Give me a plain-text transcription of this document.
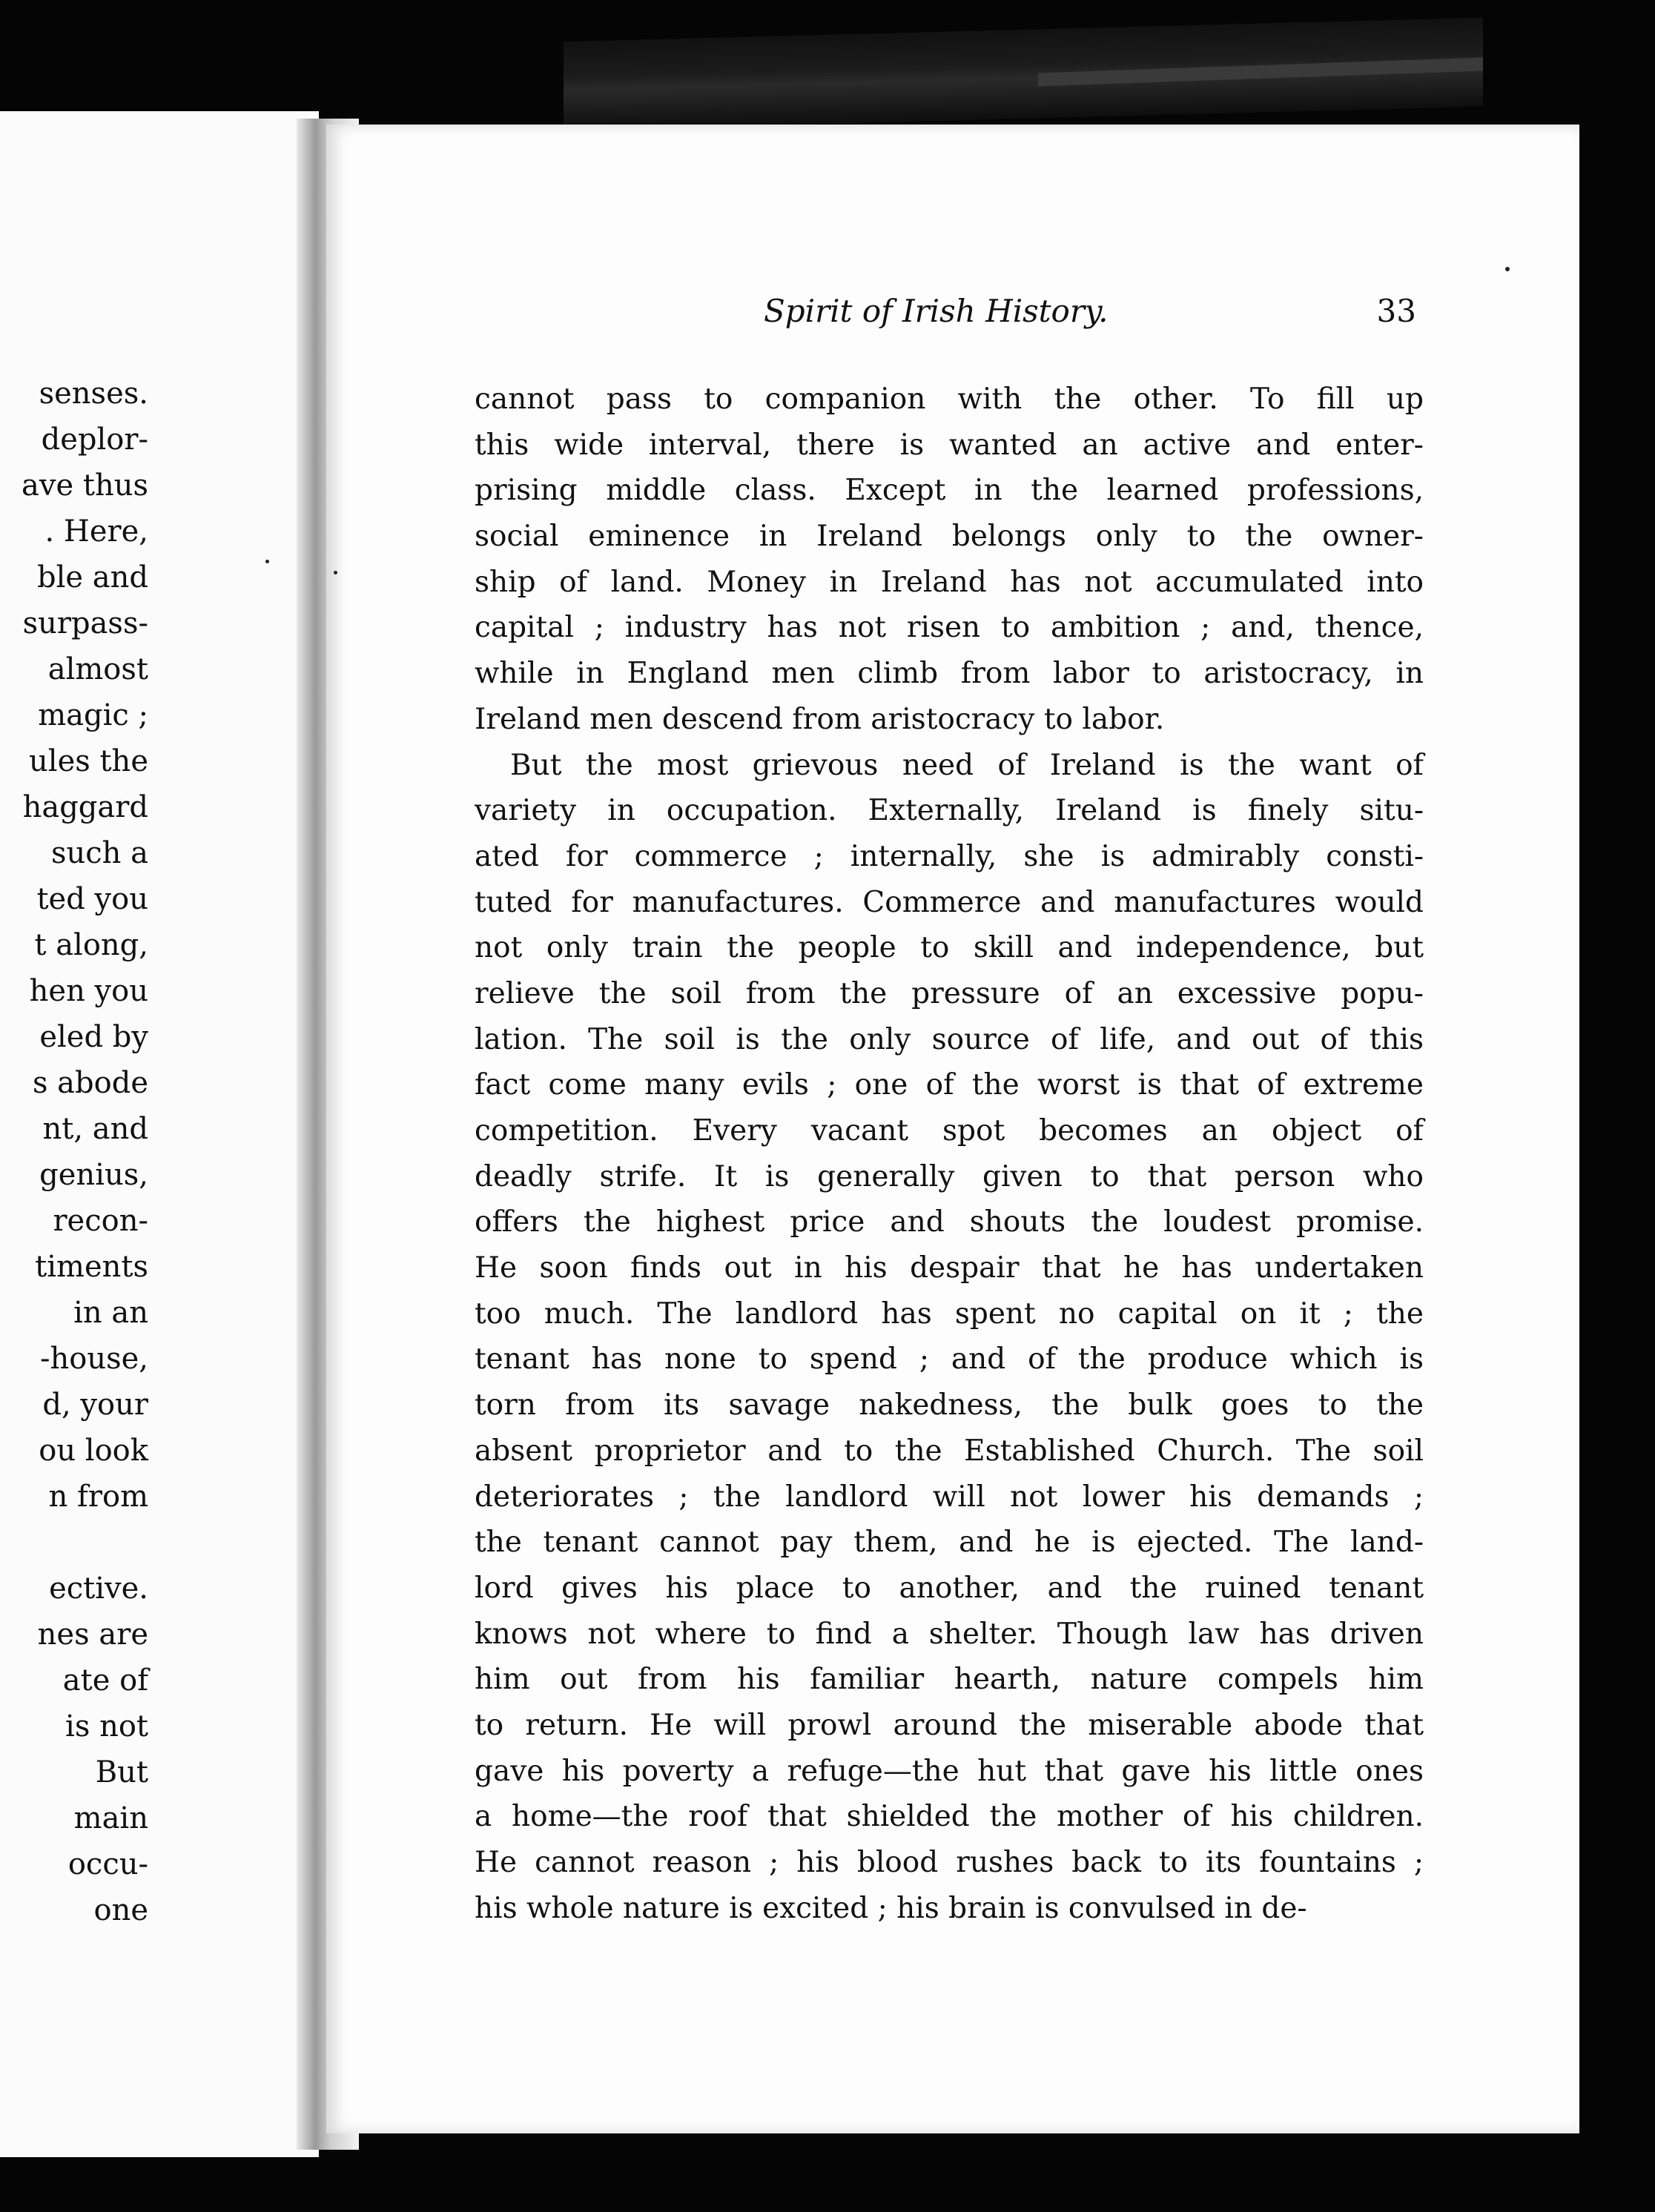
senses.
deplor-
ave thus
. Here,
ble and
surpass-
almost
magic ;
ules the
haggard
such a
ted you
t along,
hen you
eled by
s abode
nt, and
genius,
recon-
timents
in an
-house,
d, your
ou look
n from
ective.
nes are
ate of
is not
But
main
occu-
one
Spirit of Irish History.	33
cannot pass to companion with the other. To fill up
this wide interval, there is wanted an active and enter-
prising middle class. Except in the learned professions,
social eminence in Ireland belongs only to the owner-
ship of land. Money in Ireland has not accumulated into
capital ; industry has not risen to ambition ; and, thence,
while in England men climb from labor to aristocracy, in
Ireland men descend from aristocracy to labor.
But the most grievous need of Ireland is the want of
variety in occupation. Externally, Ireland is finely situ-
ated for commerce ; internally, she is admirably consti-
tuted for manufactures. Commerce and manufactures would
not only train the people to skill and independence, but
relieve the soil from the pressure of an excessive popu-
lation. The soil is the only source of life, and out of this
fact come many evils ; one of the worst is that of extreme
competition. Every vacant spot becomes an object of
deadly strife. It is generally given to that person who
offers the highest price and shouts the loudest promise.
He soon finds out in his despair that he has undertaken
too much. The landlord has spent no capital on it ; the
tenant has none to spend ; and of the produce which is
torn from its savage nakedness, the bulk goes to the
absent proprietor and to the Established Church. The soil
deteriorates ; the landlord will not lower his demands ;
the tenant cannot pay them, and he is ejected. The land-
lord gives his place to another, and the ruined tenant
knows not where to find a shelter. Though law has driven
him out from his familiar hearth, nature compels him
to return. He will prowl around the miserable abode that
gave his poverty a refuge—the hut that gave his little ones
a home—the roof that shielded the mother of his children.
He cannot reason ; his blood rushes back to its fountains ;
his whole nature is excited ; his brain is convulsed in de-
